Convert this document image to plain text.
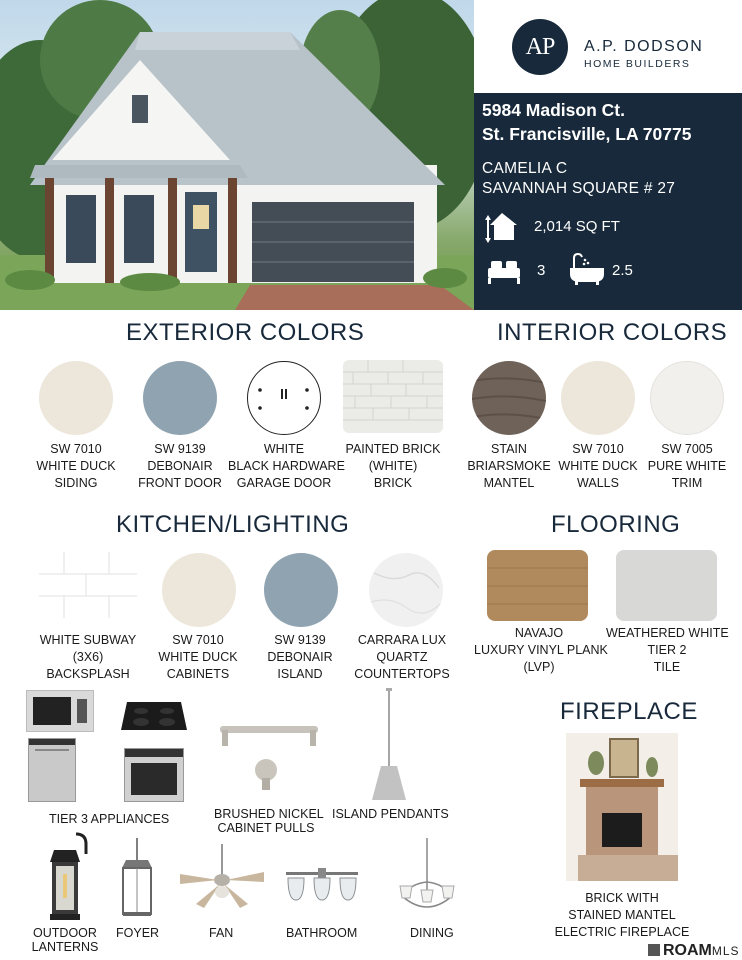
AP	A.P. DODSON
HOME BUILDERS
5984 Madison Ct.
St. Francisville, LA 70775
CAMELIA C
SAVANNAH SQUARE # 27
2,014 SQ FT
3	2.5
EXTERIOR COLORS	INTERIOR COLORS
SW 7010
WHITE DUCK
SIDING
SW 9139
DEBONAIR
FRONT DOOR
WHITE
BLACK HARDWARE
GARAGE DOOR
PAINTED BRICK
(WHITE)
BRICK
STAIN
BRIARSMOKE
MANTEL
SW 7010
WHITE DUCK
WALLS
SW 7005
PURE WHITE
TRIM
KITCHEN/LIGHTING	FLOORING
WHITE SUBWAY
(3X6)
BACKSPLASH
SW 7010
WHITE DUCK
CABINETS
SW 9139
DEBONAIR
ISLAND
CARRARA LUX
QUARTZ
COUNTERTOPS
NAVAJO
LUXURY VINYL PLANK
(LVP)
WEATHERED WHITE
TIER 2
TILE
TIER 3 APPLIANCES	BRUSHED NICKEL
CABINET PULLS
ISLAND PENDANTS
FIREPLACE
BRICK WITH
STAINED MANTEL
ELECTRIC FIREPLACE
OUTDOOR
LANTERNS
FOYER	FAN	BATHROOM	DINING
ROAMMLS
